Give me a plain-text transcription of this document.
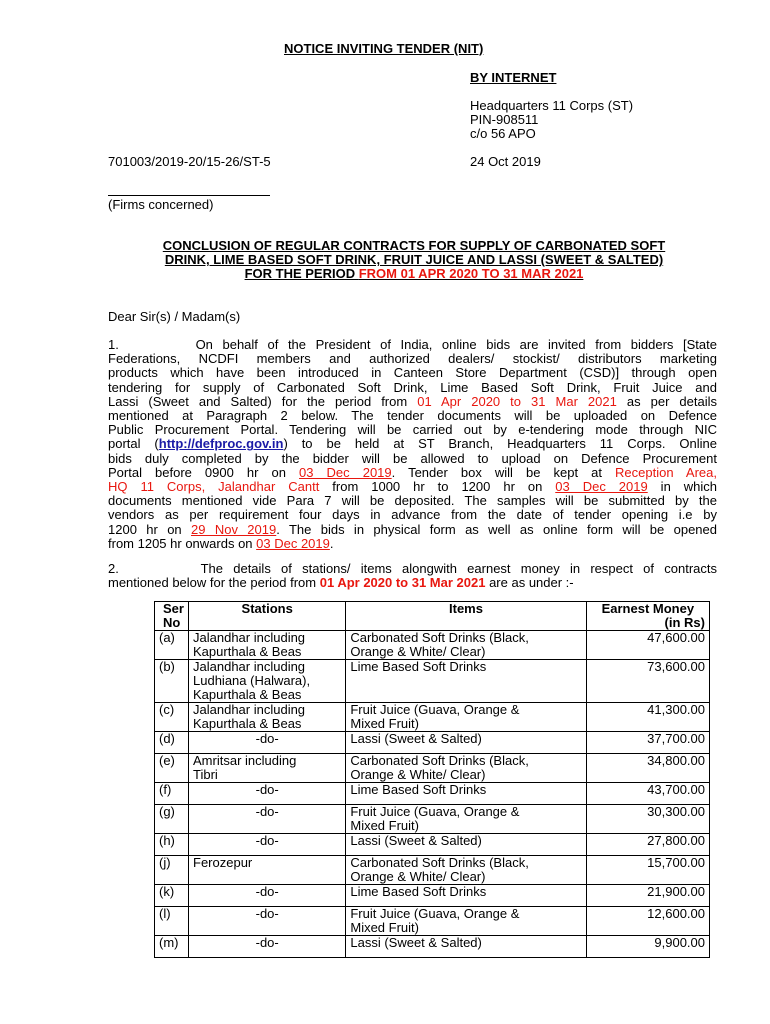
NOTICE INVITING TENDER (NIT)
BY INTERNET
Headquarters 11 Corps (ST)
PIN-908511
c/o 56 APO
701003/2019-20/15-26/ST-5	24 Oct 2019
(Firms concerned)
CONCLUSION OF REGULAR CONTRACTS FOR SUPPLY OF CARBONATED SOFT
DRINK, LIME BASED SOFT DRINK, FRUIT JUICE AND LASSI (SWEET & SALTED)
FOR THE PERIOD FROM 01 APR 2020 TO 31 MAR 2021
Dear Sir(s) / Madam(s)
1.        On behalf of the President of India, online bids are invited from bidders [State
Federations, NCDFI members and authorized dealers/ stockist/ distributors marketing
products which have been introduced in Canteen Store Department (CSD)] through open
tendering for supply of Carbonated Soft Drink, Lime Based Soft Drink, Fruit Juice and
Lassi (Sweet and Salted) for the period from 01 Apr 2020 to 31 Mar 2021 as per details
mentioned at Paragraph 2 below. The tender documents will be uploaded on Defence
Public Procurement Portal. Tendering will be carried out by e-tendering mode through NIC
portal (http://defproc.gov.in) to be held at ST Branch, Headquarters 11 Corps. Online
bids duly completed by the bidder will be allowed to upload on Defence Procurement
Portal before 0900 hr on 03 Dec 2019. Tender box will be kept at Reception Area,
HQ 11 Corps, Jalandhar Cantt from 1000 hr to 1200 hr on 03 Dec 2019 in which
documents mentioned vide Para 7 will be deposited. The samples will be submitted by the
vendors as per requirement four days in advance from the date of tender opening i.e by
1200 hr on 29 Nov 2019. The bids in physical form as well as online form will be opened
from 1205 hr onwards on 03 Dec 2019.
2.        The details of stations/ items alongwith earnest money in respect of contracts
mentioned below for the period from 01 Apr 2020 to 31 Mar 2021 are as under :-
Ser
No	Stations	Items	Earnest Money
(in Rs)

(a)	Jalandhar including
Kapurthala & Beas	Carbonated Soft Drinks (Black,
Orange & White/ Clear)	47,600.00
(b)	Jalandhar including
Ludhiana (Halwara),
Kapurthala & Beas	Lime Based Soft Drinks	73,600.00
(c)	Jalandhar including
Kapurthala & Beas	Fruit Juice (Guava, Orange &
Mixed Fruit)	41,300.00
(d)	-do-	Lassi (Sweet & Salted)	37,700.00
(e)	Amritsar including
Tibri	Carbonated Soft Drinks (Black,
Orange & White/ Clear)	34,800.00
(f)	-do-	Lime Based Soft Drinks	43,700.00
(g)	-do-	Fruit Juice (Guava, Orange &
Mixed Fruit)	30,300.00
(h)	-do-	Lassi (Sweet & Salted)	27,800.00
(j)	Ferozepur	Carbonated Soft Drinks (Black,
Orange & White/ Clear)	15,700.00
(k)	-do-	Lime Based Soft Drinks	21,900.00
(l)	-do-	Fruit Juice (Guava, Orange &
Mixed Fruit)	12,600.00
(m)	-do-	Lassi (Sweet & Salted)	9,900.00
